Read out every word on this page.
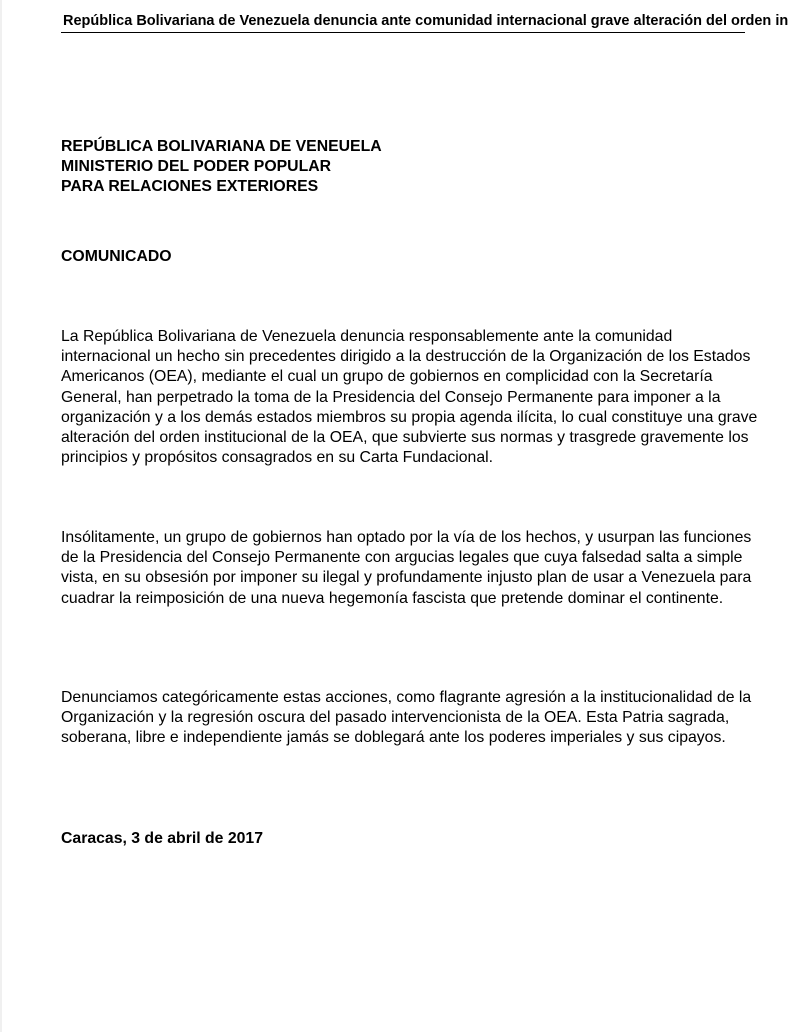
República Bolivariana de Venezuela denuncia ante comunidad internacional grave alteración del orden in

REPÚBLICA BOLIVARIANA DE VENEUELA

MINISTERIO DEL PODER POPULAR

PARA RELACIONES EXTERIORES

COMUNICADO

La República Bolivariana de Venezuela denuncia responsablemente ante la comunidad internacional un hecho sin precedentes dirigido a la destrucción de la Organización de los Estados Americanos (OEA), mediante el cual un grupo de gobiernos en complicidad con la Secretaría General, han perpetrado la toma de la Presidencia del Consejo Permanente para imponer a la organización y a los demás estados miembros su propia agenda ilícita, lo cual constituye una grave alteración del orden institucional de la OEA, que subvierte sus normas y trasgrede gravemente los principios y propósitos consagrados en su Carta Fundacional.

Insólitamente, un grupo de gobiernos han optado por la vía de los hechos, y usurpan las funciones de la Presidencia del Consejo Permanente con argucias legales que cuya falsedad salta a simple vista, en su obsesión por imponer su ilegal y profundamente injusto plan de usar a Venezuela para cuadrar la reimposición de una nueva hegemonía fascista que pretende dominar el continente.

Denunciamos categóricamente estas acciones, como flagrante agresión a la institucionalidad de la Organización y la regresión oscura del pasado intervencionista de la OEA. Esta Patria sagrada, soberana, libre e independiente jamás se doblegará ante los poderes imperiales y sus cipayos.

Caracas, 3 de abril de 2017
